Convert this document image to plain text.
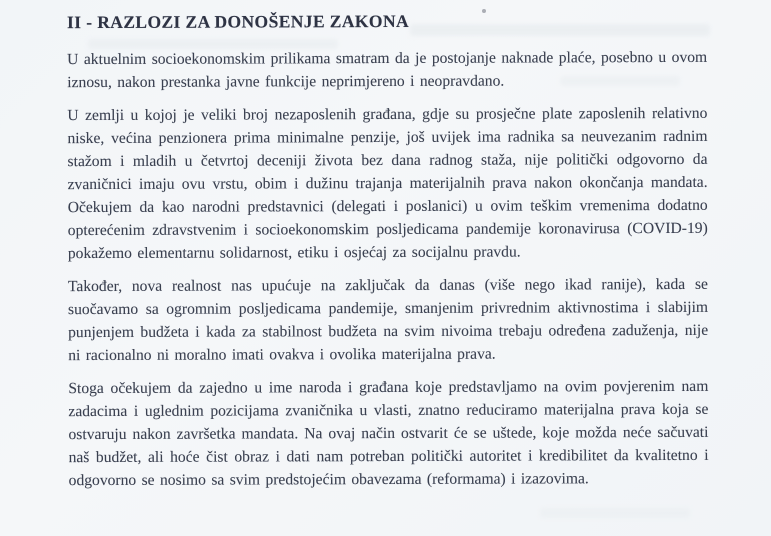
II - RAZLOZI ZA DONOŠENJE ZAKONA

U aktuelnim socioekonomskim prilikama smatram da je postojanje naknade plaće, posebno u ovom iznosu, nakon prestanka javne funkcije neprimjereno i neopravdano.

U zemlji u kojoj je veliki broj nezaposlenih građana, gdje su prosječne plate zaposlenih relativno niske, većina penzionera prima minimalne penzije, još uvijek ima radnika sa neuvezanim radnim stažom i mladih u četvrtoj deceniji života bez dana radnog staža, nije politički odgovorno da zvaničnici imaju ovu vrstu, obim i dužinu trajanja materijalnih prava nakon okončanja mandata. Očekujem da kao narodni predstavnici (delegati i poslanici) u ovim teškim vremenima dodatno opterećenim zdravstvenim i socioekonomskim posljedicama pandemije koronavirusa (COVID-19) pokažemo elementarnu solidarnost, etiku i osjećaj za socijalnu pravdu.

Također, nova realnost nas upućuje na zaključak da danas (više nego ikad ranije), kada se suočavamo sa ogromnim posljedicama pandemije, smanjenim privrednim aktivnostima i slabijim punjenjem budžeta i kada za stabilnost budžeta na svim nivoima trebaju određena zaduženja, nije ni racionalno ni moralno imati ovakva i ovolika materijalna prava.

Stoga očekujem da zajedno u ime naroda i građana koje predstavljamo na ovim povjerenim nam zadacima i uglednim pozicijama zvaničnika u vlasti, znatno reduciramo materijalna prava koja se ostvaruju nakon završetka mandata. Na ovaj način ostvarit će se uštede, koje možda neće sačuvati naš budžet, ali hoće čist obraz i dati nam potreban politički autoritet i kredibilitet da kvalitetno i odgovorno se nosimo sa svim predstojećim obavezama (reformama) i izazovima.
